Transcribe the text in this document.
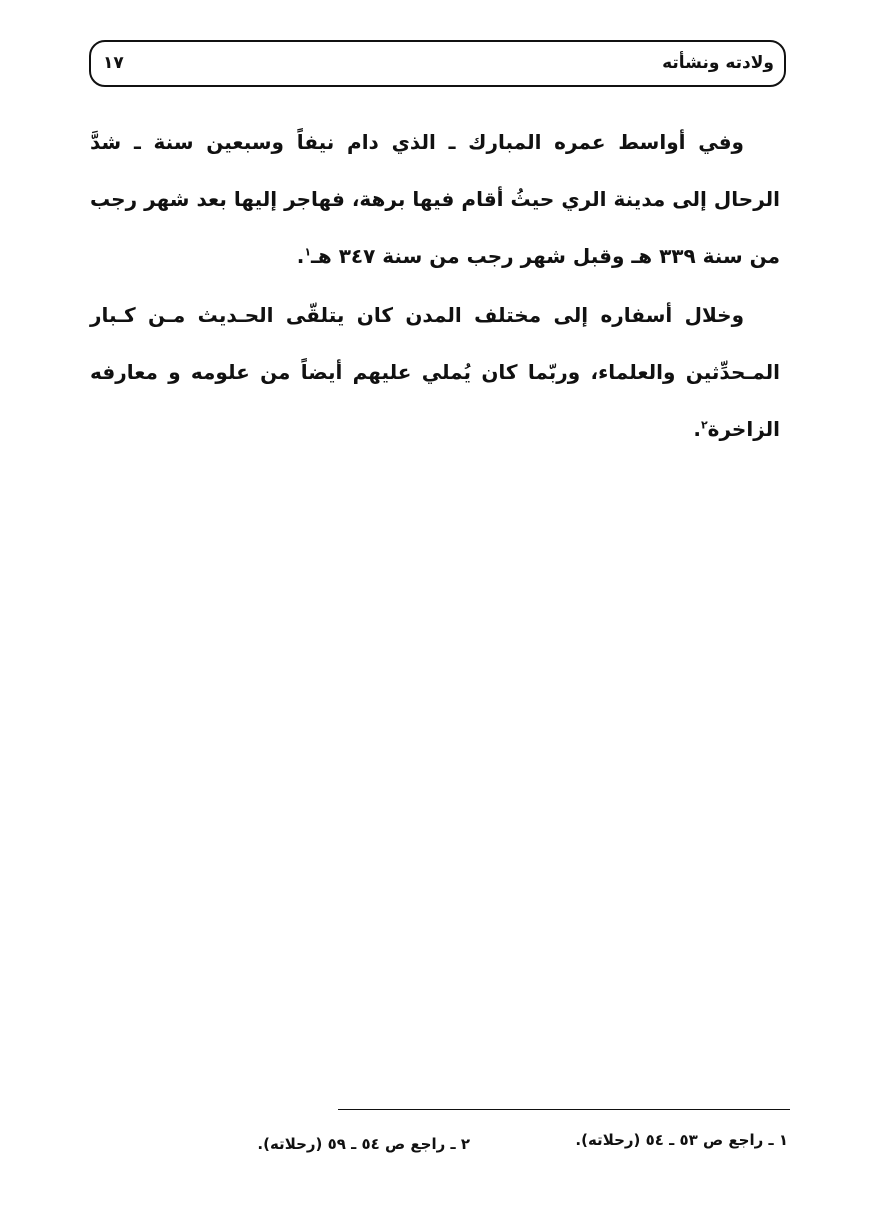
ولادته ونشأته
١٧

وفي أواسط عمره المبارك ـ الذي دام نيفاً وسبعين سنة ـ شدَّ الرحال إلى مدينة الري حيثُ أقام فيها برهة، فهاجر إليها بعد شهر رجب من سنة ٣٣٩ هـ وقبل شهر رجب من سنة ٣٤٧ هـ$^١$.

وخلال أسفاره إلى مختلف المدن كان يتلقّى الحـديث مـن كـبار المـحدِّثين والعلماء، وربّما كان يُملي عليهم أيضاً من علومه و معارفه الزاخرة$^٢$.

١ ـ راجع ص ٥٣ ـ ٥٤ (رحلاته).
٢ ـ راجع ص ٥٤ ـ ٥٩ (رحلاته).
